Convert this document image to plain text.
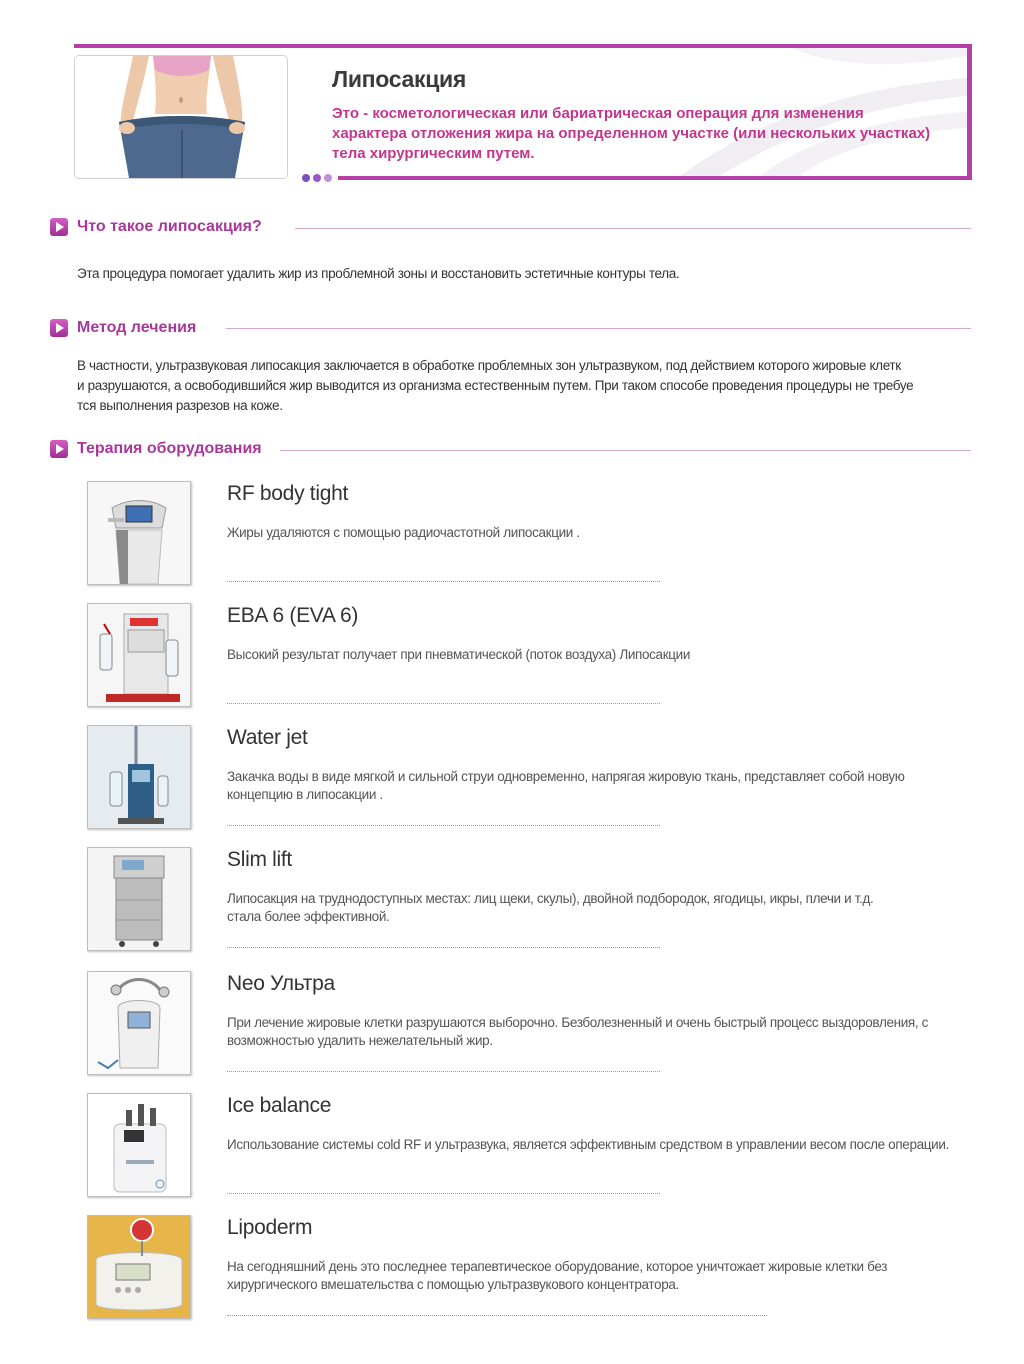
Липосакция
Это - косметологическая или бариатрическая операция для изменения характера отложения жира на определенном участке (или нескольких участках) тела хирургическим путем.
Что такое липосакция?
Эта процедура помогает удалить жир из проблемной зоны и восстановить эстетичные контуры тела.
Метод лечения
В частности, ультразвуковая липосакция заключается в обработке проблемных зон ультразвуком, под действием которого жировые клетк
и разрушаются, а освободившийся жир выводится из организма естественным путем. При таком способе проведения процедуры не требуе
тся выполнения разрезов на коже.
Терапия оборудования
RF body tight
Жиры удаляются с помощью радиочастотной липосакции .
EBA 6 (EVA 6)
Высокий результат получает при пневматической (поток воздуха) Липосакции
Water jet
Закачка воды в виде мягкой и сильной струи одновременно, напрягая жировую ткань, представляет собой новую концепцию в липосакции .
Slim lift
Липосакция на труднодоступных местах: лиц щеки, скулы), двойной подбородок, ягодицы, икры, плечи и т.д. стала более эффективной.
Neo Ультра
При лечение жировые клетки разрушаются выборочно. Безболезненный и очень быстрый процесс выздоровления, с возможностью удалить нежелательный жир.
Ice balance
Использование системы cold RF и ультразвука, является эффективным средством в управлении весом после операции.
Lipoderm
На сегодняшний день это последнее терапевтическое оборудование, которое уничтожает жировые клетки без хирургического вмешательства с помощью ультразвукового концентратора.
